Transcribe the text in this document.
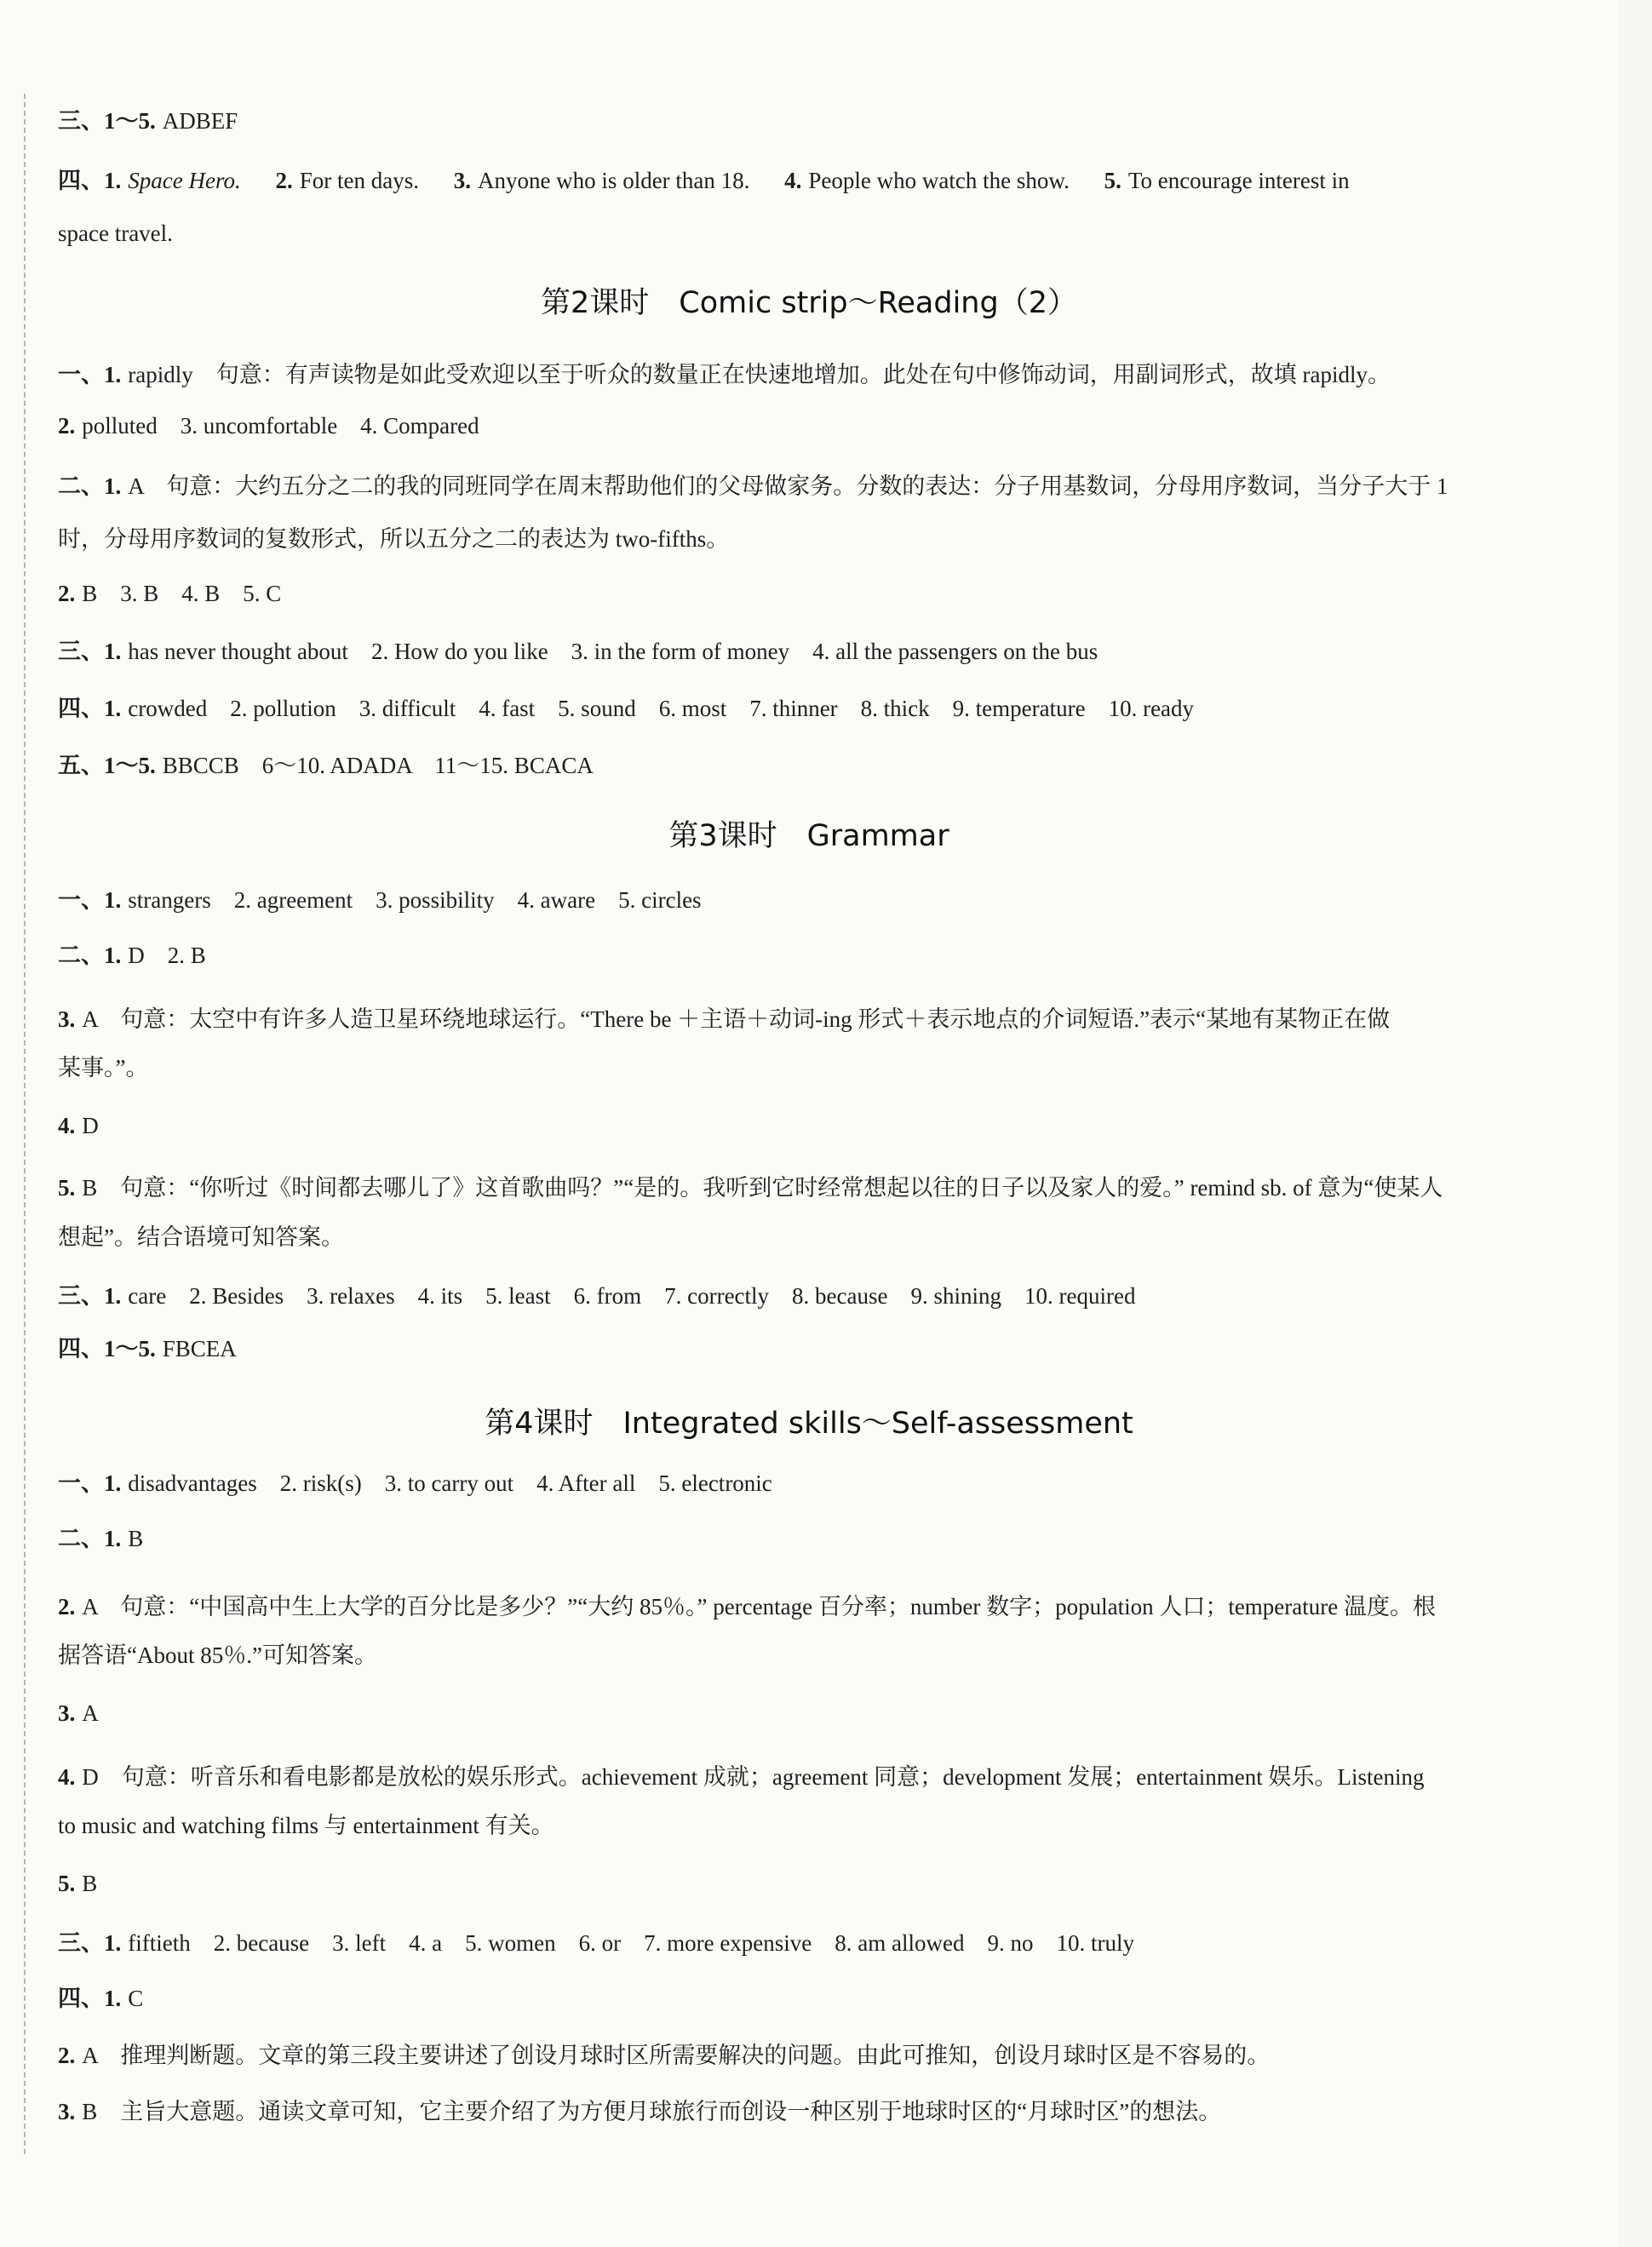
三、1～5. ADBEF
四、1. Space Hero. 2. For ten days. 3. Anyone who is older than 18. 4. People who watch the show. 5. To encourage interest in
space travel.
第2课时　Comic strip～Reading（2）
第3课时　Grammar
第4课时　Integrated skills～Self-assessment
一、1. rapidly　句意：有声读物是如此受欢迎以至于听众的数量正在快速地增加。此处在句中修饰动词，用副词形式，故填 rapidly。
2. polluted　3. uncomfortable　4. Compared
二、1. A　句意：大约五分之二的我的同班同学在周末帮助他们的父母做家务。分数的表达：分子用基数词，分母用序数词，当分子大于 1
时，分母用序数词的复数形式，所以五分之二的表达为 two-fifths。
2. B　3. B　4. B　5. C
三、1. has never thought about　2. How do you like　3. in the form of money　4. all the passengers on the bus
四、1. crowded　2. pollution　3. difficult　4. fast　5. sound　6. most　7. thinner　8. thick　9. temperature　10. ready
五、1～5. BBCCB　6～10. ADADA　11～15. BCACA
一、1. strangers　2. agreement　3. possibility　4. aware　5. circles
二、1. D　2. B
3. A　句意：太空中有许多人造卫星环绕地球运行。“There be ＋主语＋动词-ing 形式＋表示地点的介词短语.”表示“某地有某物正在做
某事。”。
4. D
5. B　句意：“你听过《时间都去哪儿了》这首歌曲吗？”“是的。我听到它时经常想起以往的日子以及家人的爱。” remind sb. of 意为“使某人
想起”。结合语境可知答案。
三、1. care　2. Besides　3. relaxes　4. its　5. least　6. from　7. correctly　8. because　9. shining　10. required
四、1～5. FBCEA
一、1. disadvantages　2. risk(s)　3. to carry out　4. After all　5. electronic
二、1. B
2. A　句意：“中国高中生上大学的百分比是多少？”“大约 85％。” percentage 百分率；number 数字；population 人口；temperature 温度。根
据答语“About 85％.”可知答案。
3. A
4. D　句意：听音乐和看电影都是放松的娱乐形式。achievement 成就；agreement 同意；development 发展；entertainment 娱乐。Listening
to music and watching films 与 entertainment 有关。
5. B
三、1. fiftieth　2. because　3. left　4. a　5. women　6. or　7. more expensive　8. am allowed　9. no　10. truly
四、1. C
2. A　推理判断题。文章的第三段主要讲述了创设月球时区所需要解决的问题。由此可推知，创设月球时区是不容易的。
3. B　主旨大意题。通读文章可知，它主要介绍了为方便月球旅行而创设一种区别于地球时区的“月球时区”的想法。
